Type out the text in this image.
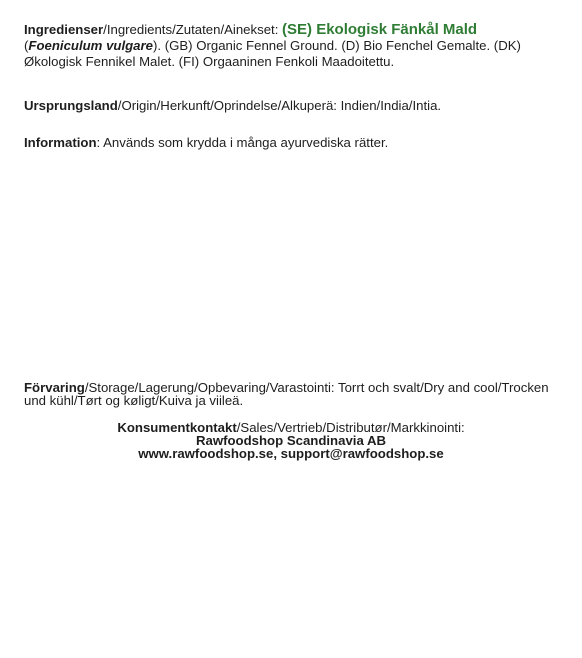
Ingredienser/Ingredients/Zutaten/Ainekset: (SE) Ekologisk Fänkål Mald
(Foeniculum vulgare). (GB) Organic Fennel Ground. (D) Bio Fenchel Gemalte. (DK) Økologisk Fennikel Malet. (FI) Orgaaninen Fenkoli Maadoitettu.
Ursprungsland/Origin/Herkunft/Oprindelse/Alkuperä: Indien/India/Intia.
Information: Används som krydda i många ayurvediska rätter.
Förvaring/Storage/Lagerung/Opbevaring/Varastointi: Torrt och svalt/Dry and cool/Trocken und kühl/Tørt og køligt/Kuiva ja viileä.
Konsumentkontakt/Sales/Vertrieb/Distributør/Markkinointi:
Rawfoodshop Scandinavia AB
www.rawfoodshop.se, support@rawfoodshop.se
